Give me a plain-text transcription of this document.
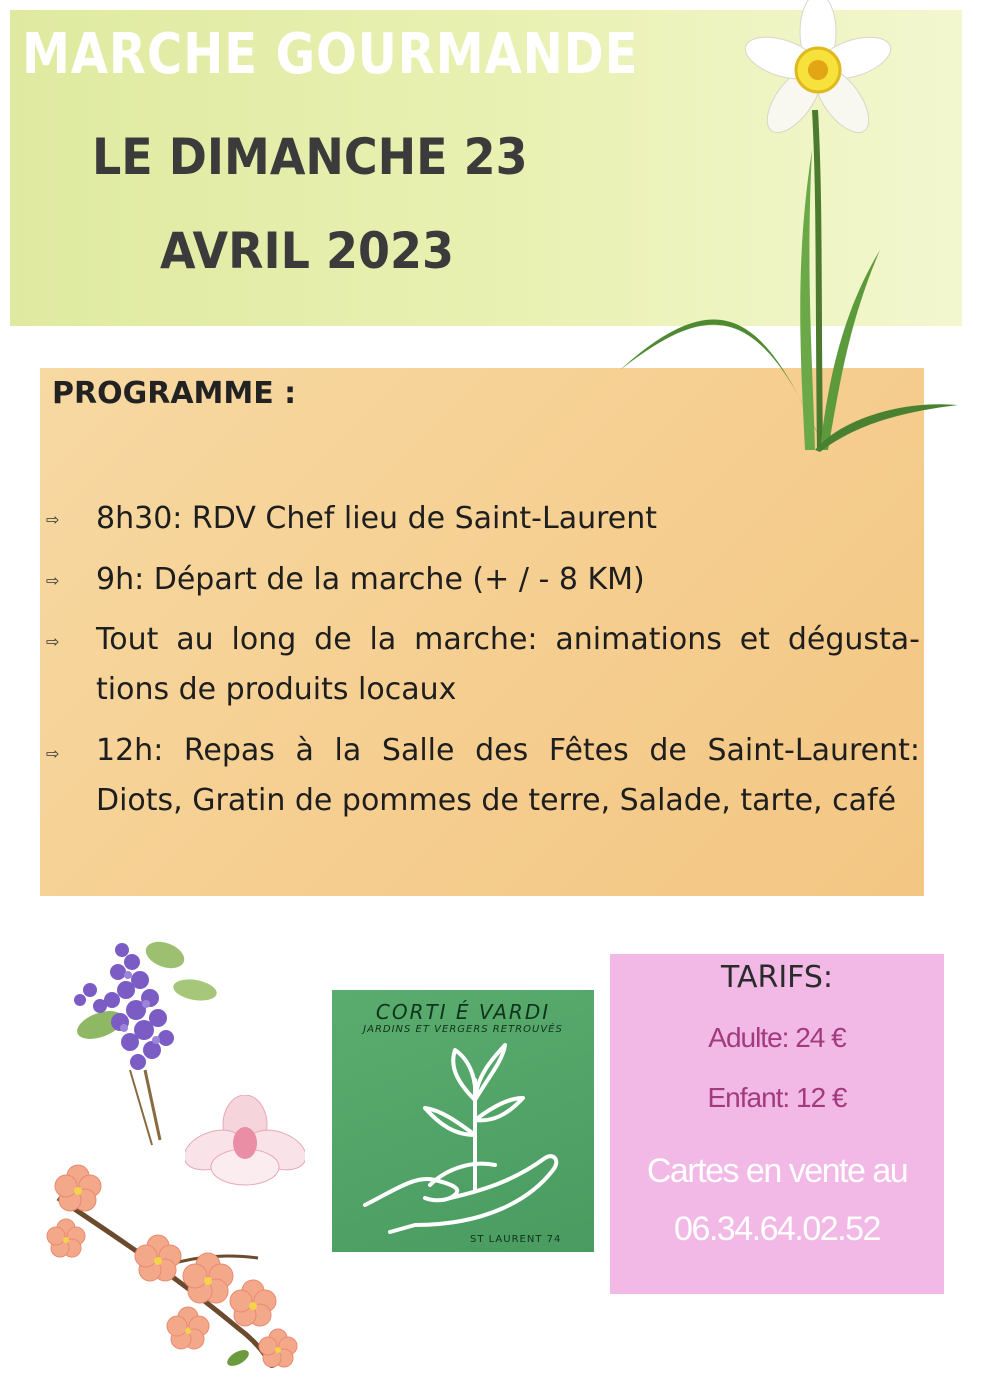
MARCHE GOURMANDE
LE DIMANCHE 23
AVRIL 2023
PROGRAMME :
⇨ 8h30: RDV Chef lieu de Saint-Laurent
⇨ 9h: Départ de la marche (+ / - 8 KM)
⇨ Tout au long de la marche: animations et dégusta-tions de produits locaux
⇨ 12h: Repas à la Salle des Fêtes de Saint-Laurent: Diots, Gratin de pommes de terre, Salade, tarte, café
CORTI É VARDI
JARDINS ET VERGERS RETROUVÉS
ST LAURENT 74
TARIFS:
Adulte: 24 €
Enfant: 12 €
Cartes en vente au
06.34.64.02.52
